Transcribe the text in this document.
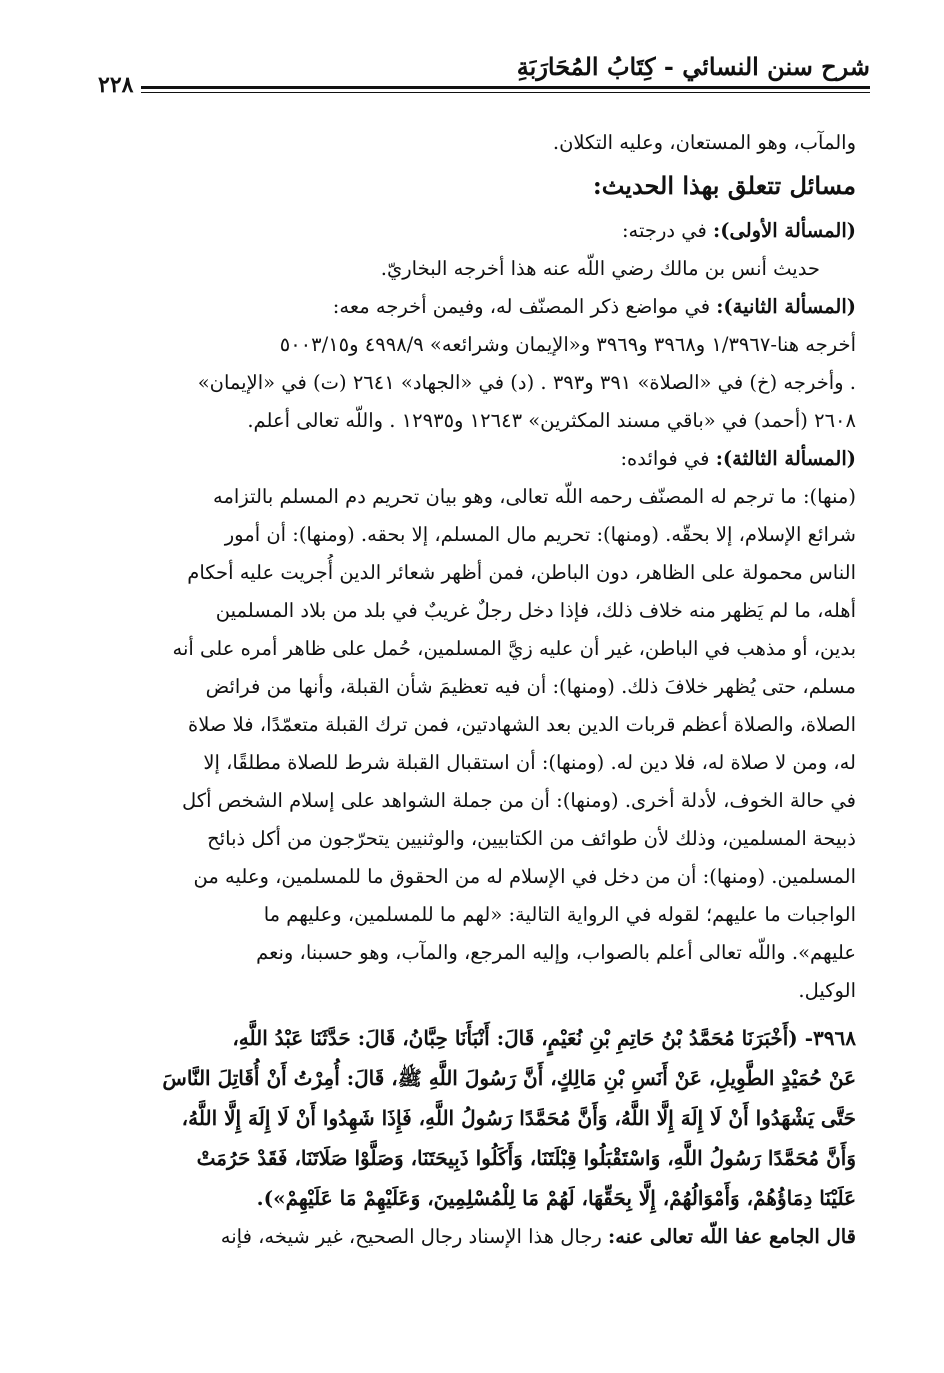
شرح سنن النسائي - كِتَابُ المُحَارَبَةِ
٢٢٨
والمآب، وهو المستعان، وعليه التكلان.
مسائل تتعلق بهذا الحديث:
(المسألة الأولى): في درجته:
حديث أنس بن مالك رضي اللّه عنه هذا أخرجه البخاريّ.
(المسألة الثانية): في مواضع ذكر المصنّف له، وفيمن أخرجه معه:
أخرجه هنا-١/٣٩٦٧ و٣٩٦٨ و٣٩٦٩ و«الإيمان وشرائعه» ٤٩٩٨/٩ و٥٠٠٣/١٥
. وأخرجه (خ) في «الصلاة» ٣٩١ و٣٩٣ . (د) في «الجهاد» ٢٦٤١ (ت) في «الإيمان»
٢٦٠٨ (أحمد) في «باقي مسند المكثرين» ١٢٦٤٣ و١٢٩٣٥ . واللّه تعالى أعلم.
(المسألة الثالثة): في فوائده:
(منها): ما ترجم له المصنّف رحمه اللّه تعالى، وهو بيان تحريم دم المسلم بالتزامه
شرائع الإسلام، إلا بحقّه. (ومنها): تحريم مال المسلم، إلا بحقه. (ومنها): أن أمور
الناس محمولة على الظاهر، دون الباطن، فمن أظهر شعائر الدين أُجريت عليه أحكام
أهله، ما لم يَظهر منه خلاف ذلك، فإذا دخل رجلٌ غريبٌ في بلد من بلاد المسلمين
بدين، أو مذهب في الباطن، غير أن عليه زيَّ المسلمين، حُمل على ظاهر أمره على أنه
مسلم، حتى يُظهر خلافَ ذلك. (ومنها): أن فيه تعظيمَ شأن القبلة، وأنها من فرائض
الصلاة، والصلاة أعظم قربات الدين بعد الشهادتين، فمن ترك القبلة متعمّدًا، فلا صلاة
له، ومن لا صلاة له، فلا دين له. (ومنها): أن استقبال القبلة شرط للصلاة مطلقًا، إلا
في حالة الخوف، لأدلة أخرى. (ومنها): أن من جملة الشواهد على إسلام الشخص أكل
ذبيحة المسلمين، وذلك لأن طوائف من الكتابيين، والوثنيين يتحرّجون من أكل ذبائح
المسلمين. (ومنها): أن من دخل في الإسلام له من الحقوق ما للمسلمين، وعليه من
الواجبات ما عليهم؛ لقوله في الرواية التالية: «لهم ما للمسلمين، وعليهم ما
عليهم». واللّه تعالى أعلم بالصواب، وإليه المرجع، والمآب، وهو حسبنا، ونعم
الوكيل.
٣٩٦٨- (أَخْبَرَنَا مُحَمَّدُ بْنُ حَاتِمِ بْنِ نُعَيْمٍ، قَالَ: أَنْبَأَنَا حِبَّانُ، قَالَ: حَدَّثَنَا عَبْدُ اللَّهِ،
عَنْ حُمَيْدٍ الطَّوِيلِ، عَنْ أَنَسِ بْنِ مَالِكٍ، أَنَّ رَسُولَ اللَّهِ ﷺ، قَالَ: أُمِرْتُ أَنْ أُقَاتِلَ النَّاسَ
حَتَّى يَشْهَدُوا أَنْ لَا إِلَهَ إِلَّا اللَّهُ، وَأَنَّ مُحَمَّدًا رَسُولُ اللَّهِ، فَإِذَا شَهِدُوا أَنْ لَا إِلَهَ إِلَّا اللَّهُ،
وَأَنَّ مُحَمَّدًا رَسُولُ اللَّهِ، وَاسْتَقْبَلُوا قِبْلَتَنَا، وَأَكَلُوا ذَبِيحَتَنَا، وَصَلَّوْا صَلَاتَنَا، فَقَدْ حَرُمَتْ
عَلَيْنَا دِمَاؤُهُمْ، وَأَمْوَالُهُمْ، إِلَّا بِحَقِّهَا، لَهُمْ مَا لِلْمُسْلِمِينَ، وَعَلَيْهِمْ مَا عَلَيْهِمْ»).
قال الجامع عفا اللّه تعالى عنه: رجال هذا الإسناد رجال الصحيح، غير شيخه، فإنه
